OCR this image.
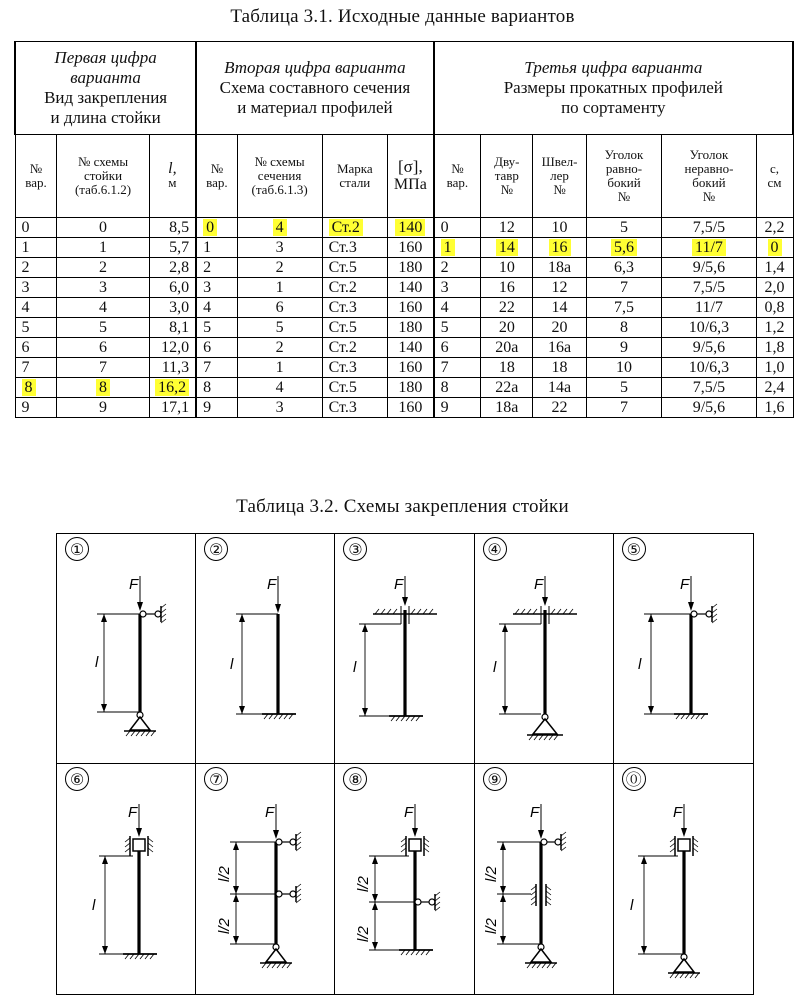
Таблица 3.1. Исходные данные вариантов
Первая цифра
варианта
Вид закрепления
и длина стойки			Вторая цифра варианта
Схема составного сечения
и материал профилей				Третья цифра варианта
Размеры прокатных профилей
по сортаменту					

№
вар.	№ схемы
стойки
(таб.6.1.2)	l,
м	№
вар.	№ схемы
сечения
(таб.6.1.3)	Марка
стали	[σ],
МПа	№
вар.	Дву-
тавр
№	Швел-
лер
№	Уголок
равно-
бокий
№	Уголок
неравно-
бокий
№	c,
см

0	0	8,5	0	4	Ст.2	140	0	12	10	5	7,5/5	2,2
1	1	5,7	1	3	Ст.3	160	1	14	16	5,6	11/7	0
2	2	2,8	2	2	Ст.5	180	2	10	18а	6,3	9/5,6	1,4
3	3	6,0	3	1	Ст.2	140	3	16	12	7	7,5/5	2,0
4	4	3,0	4	6	Ст.3	160	4	22	14	7,5	11/7	0,8
5	5	8,1	5	5	Ст.5	180	5	20	20	8	10/6,3	1,2
6	6	12,0	6	2	Ст.2	140	6	20а	16а	9	9/5,6	1,8
7	7	11,3	7	1	Ст.3	160	7	18	18	10	10/6,3	1,0
8	8	16,2	8	4	Ст.5	180	8	22а	14а	5	7,5/5	2,4
9	9	17,1	9	3	Ст.3	160	9	18а	22	7	9/5,6	1,6
Таблица 3.2. Схемы закрепления стойки
①
l
F
②
l
F
③
l
F
④
l
F
⑤
l
F
⑥
l
F
⑦
l/2
l/2
F
⑧
l/2
l/2
F
⑨
l/2
l/2
F
⓪
l
F
